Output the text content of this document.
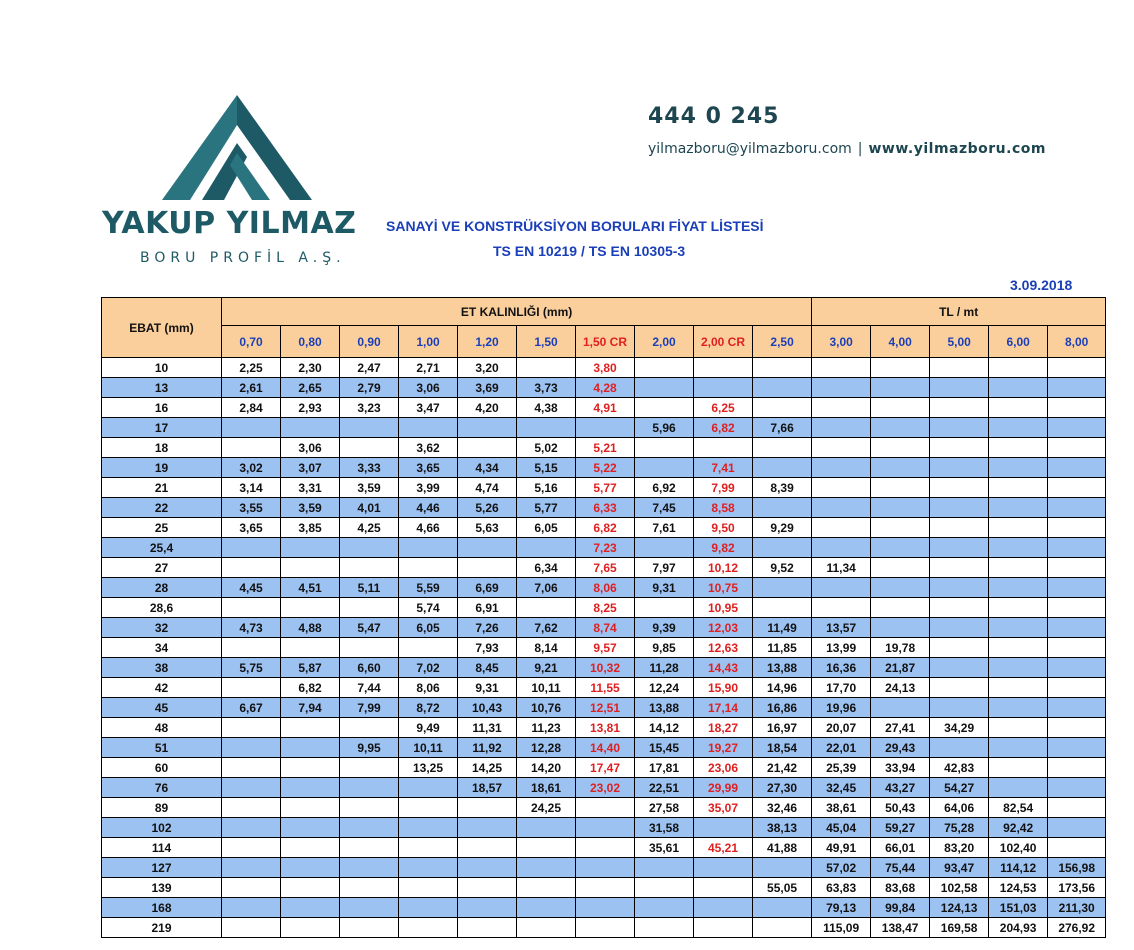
YAKUP YILMAZ
BORU PROFİL A.Ş.
444 0 245
yilmazboru@yilmazboru.com | www.yilmazboru.com
SANAYİ VE KONSTRÜKSİYON BORULARI FİYAT LİSTESİ
TS EN 10219 / TS EN 10305-3
3.09.2018
EBAT (mm)	ET KALINLIĞI (mm)										TL / mt				
	0,70	0,80	0,90	1,00	1,20	1,50	1,50 CR	2,00	2,00 CR	2,50	3,00	4,00	5,00	6,00	8,00
10	2,25	2,30	2,47	2,71	3,20		3,80								
13	2,61	2,65	2,79	3,06	3,69	3,73	4,28								
16	2,84	2,93	3,23	3,47	4,20	4,38	4,91		6,25						
17								5,96	6,82	7,66					
18		3,06		3,62		5,02	5,21								
19	3,02	3,07	3,33	3,65	4,34	5,15	5,22		7,41						
21	3,14	3,31	3,59	3,99	4,74	5,16	5,77	6,92	7,99	8,39					
22	3,55	3,59	4,01	4,46	5,26	5,77	6,33	7,45	8,58						
25	3,65	3,85	4,25	4,66	5,63	6,05	6,82	7,61	9,50	9,29					
25,4							7,23		9,82						
27						6,34	7,65	7,97	10,12	9,52	11,34				
28	4,45	4,51	5,11	5,59	6,69	7,06	8,06	9,31	10,75						
28,6				5,74	6,91		8,25		10,95						
32	4,73	4,88	5,47	6,05	7,26	7,62	8,74	9,39	12,03	11,49	13,57				
34					7,93	8,14	9,57	9,85	12,63	11,85	13,99	19,78			
38	5,75	5,87	6,60	7,02	8,45	9,21	10,32	11,28	14,43	13,88	16,36	21,87			
42		6,82	7,44	8,06	9,31	10,11	11,55	12,24	15,90	14,96	17,70	24,13			
45	6,67	7,94	7,99	8,72	10,43	10,76	12,51	13,88	17,14	16,86	19,96				
48				9,49	11,31	11,23	13,81	14,12	18,27	16,97	20,07	27,41	34,29		
51			9,95	10,11	11,92	12,28	14,40	15,45	19,27	18,54	22,01	29,43			
60				13,25	14,25	14,20	17,47	17,81	23,06	21,42	25,39	33,94	42,83		
76					18,57	18,61	23,02	22,51	29,99	27,30	32,45	43,27	54,27		
89						24,25		27,58	35,07	32,46	38,61	50,43	64,06	82,54	
102								31,58		38,13	45,04	59,27	75,28	92,42	
114								35,61	45,21	41,88	49,91	66,01	83,20	102,40	
127											57,02	75,44	93,47	114,12	156,98
139										55,05	63,83	83,68	102,58	124,53	173,56
168											79,13	99,84	124,13	151,03	211,30
219											115,09	138,47	169,58	204,93	276,92
